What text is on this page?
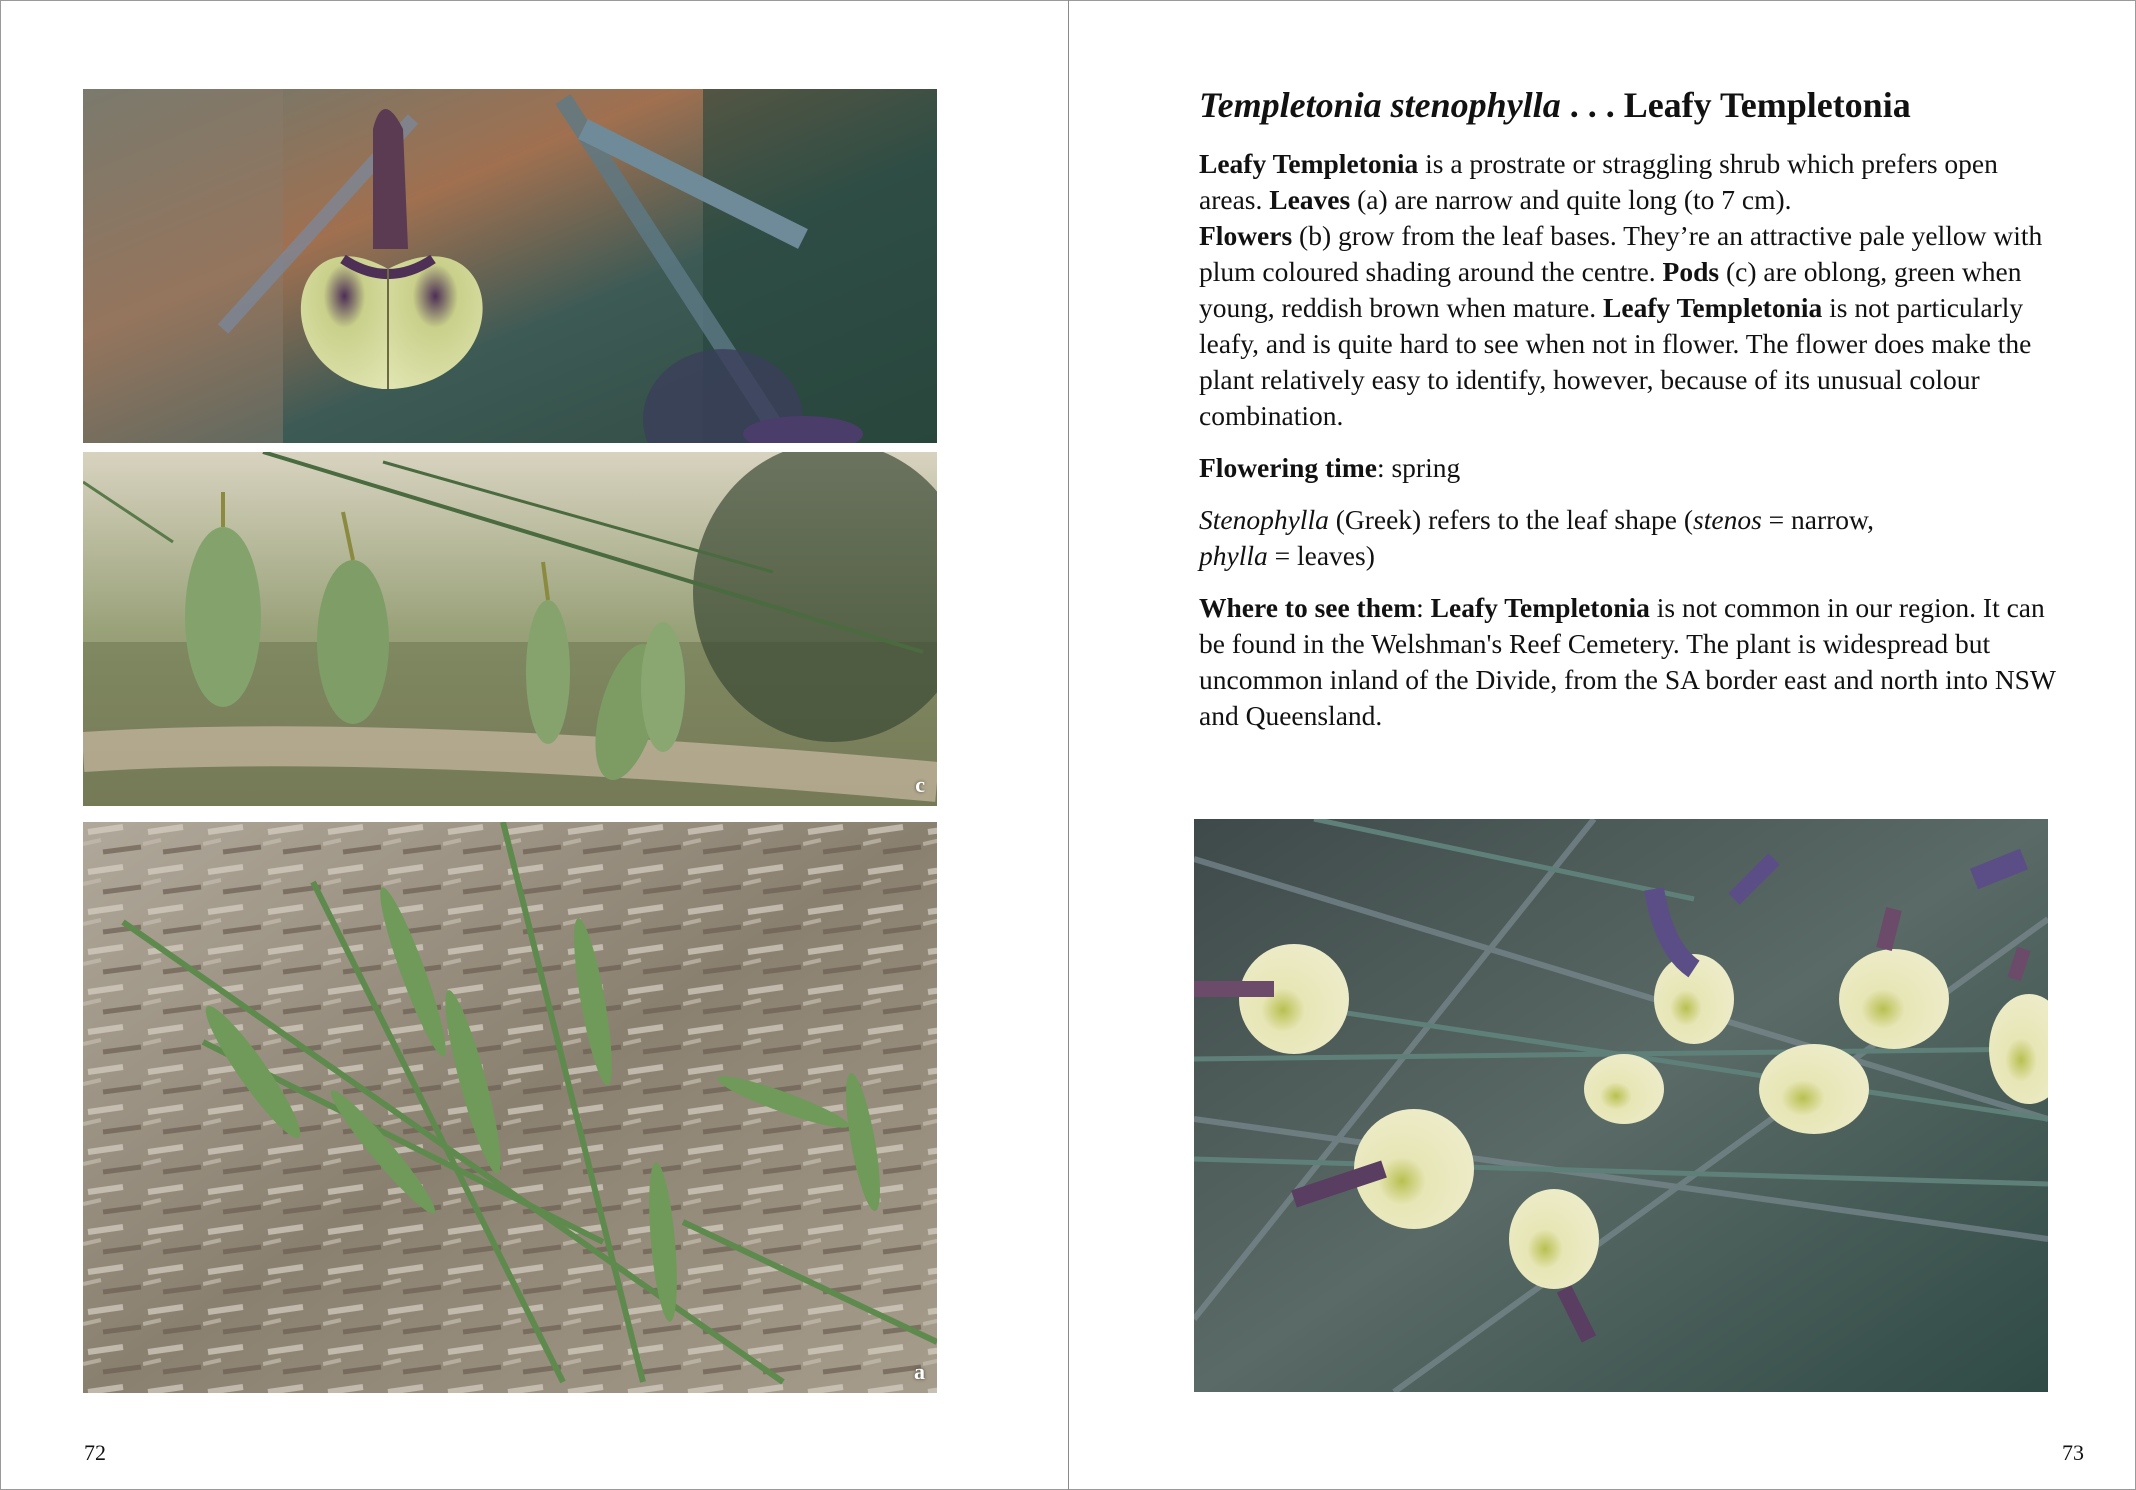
c
a
72
Templetonia stenophylla . . . Leafy Templetonia

Leafy Templetonia is a prostrate or straggling shrub which prefers open areas. Leaves (a) are narrow and quite long (to 7 cm).
Flowers (b) grow from the leaf bases. They’re an attractive pale yellow with plum coloured shading around the centre. Pods (c) are oblong, green when young, reddish brown when mature. Leafy Templetonia is not particularly leafy, and is quite hard to see when not in flower. The flower does make the plant relatively easy to identify, however, because of its unusual colour combination.

Flowering time: spring

Stenophylla (Greek) refers to the leaf shape (stenos = narrow,
phylla = leaves)

Where to see them: Leafy Templetonia is not common in our region. It can be found in the Welshman's Reef Cemetery. The plant is widespread but uncommon inland of the Divide, from the SA border east and north into NSW and Queensland.

73
